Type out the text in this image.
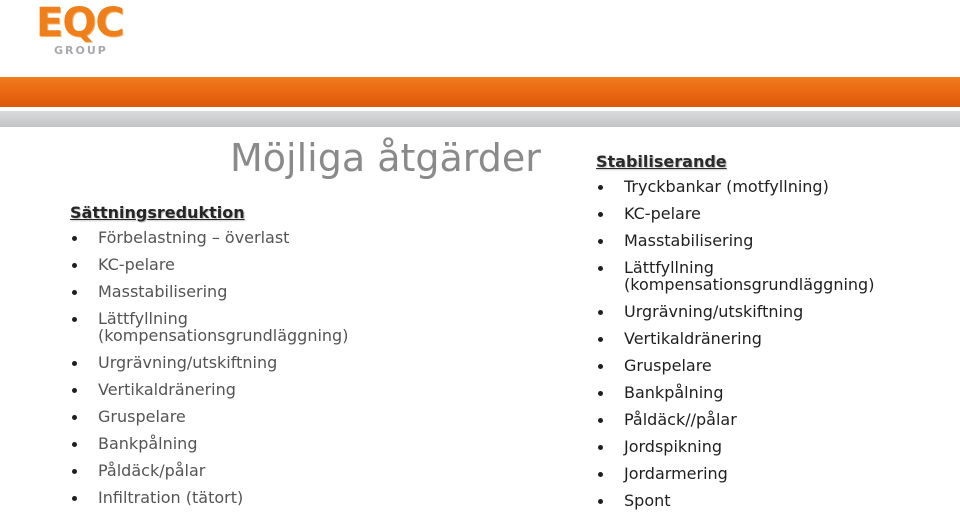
EQC
GROUP
Möjliga åtgärder
Sättningsreduktion
Förbelastning – överlast
KC-pelare
Masstabilisering
Lättfyllning
(kompensationsgrundläggning)
Urgrävning/utskiftning
Vertikaldränering
Gruspelare
Bankpålning
Påldäck/pålar
Infiltration (tätort)
Stabiliserande
Tryckbankar (motfyllning)
KC-pelare
Masstabilisering
Lättfyllning
(kompensationsgrundläggning)
Urgrävning/utskiftning
Vertikaldränering
Gruspelare
Bankpålning
Påldäck//pålar
Jordspikning
Jordarmering
Spont
